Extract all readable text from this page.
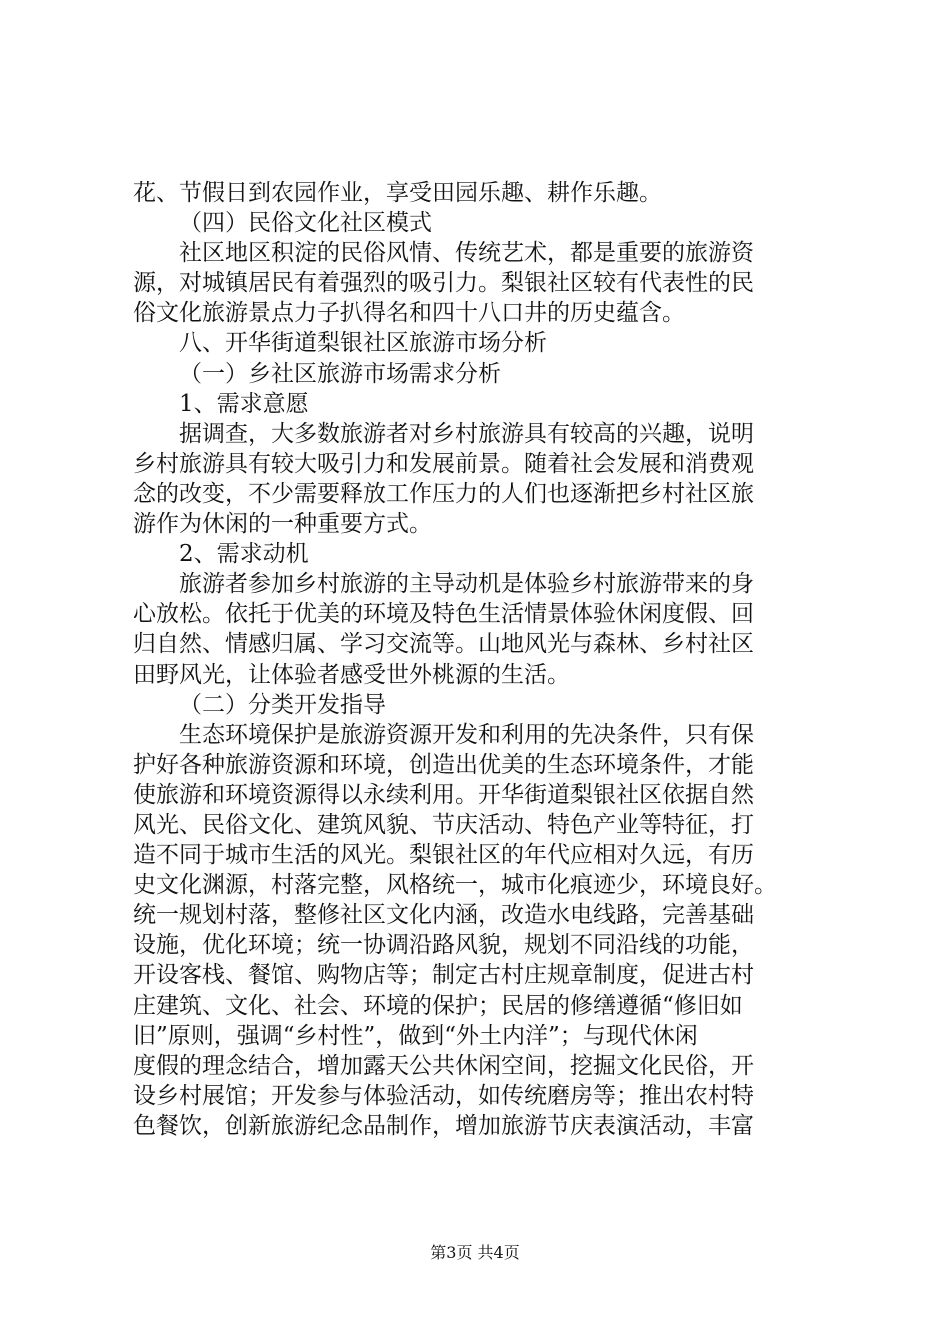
花、节假日到农园作业，享受田园乐趣、耕作乐趣。
（四）民俗文化社区模式
社区地区积淀的民俗风情、传统艺术，都是重要的旅游资
源，对城镇居民有着强烈的吸引力。梨银社区较有代表性的民
俗文化旅游景点力子扒得名和四十八口井的历史蕴含。
八、开华街道梨银社区旅游市场分析
（一）乡社区旅游市场需求分析
1、需求意愿
据调查，大多数旅游者对乡村旅游具有较高的兴趣，说明
乡村旅游具有较大吸引力和发展前景。随着社会发展和消费观
念的改变，不少需要释放工作压力的人们也逐渐把乡村社区旅
游作为休闲的一种重要方式。
2、需求动机
旅游者参加乡村旅游的主导动机是体验乡村旅游带来的身
心放松。依托于优美的环境及特色生活情景体验休闲度假、回
归自然、情感归属、学习交流等。山地风光与森林、乡村社区
田野风光，让体验者感受世外桃源的生活。
（二）分类开发指导
生态环境保护是旅游资源开发和利用的先决条件，只有保
护好各种旅游资源和环境，创造出优美的生态环境条件，才能
使旅游和环境资源得以永续利用。开华街道梨银社区依据自然
风光、民俗文化、建筑风貌、节庆活动、特色产业等特征，打
造不同于城市生活的风光。梨银社区的年代应相对久远，有历
史文化渊源，村落完整，风格统一，城市化痕迹少，环境良好。
统一规划村落，整修社区文化内涵，改造水电线路，完善基础
设施，优化环境；统一协调沿路风貌，规划不同沿线的功能，
开设客栈、餐馆、购物店等；制定古村庄规章制度，促进古村
庄建筑、文化、社会、环境的保护；民居的修缮遵循“修旧如
旧”原则，强调“乡村性”，做到“外土内洋”；与现代休闲
度假的理念结合，增加露天公共休闲空间，挖掘文化民俗，开
设乡村展馆；开发参与体验活动，如传统磨房等；推出农村特
色餐饮，创新旅游纪念品制作，增加旅游节庆表演活动，丰富
第3页 共4页
